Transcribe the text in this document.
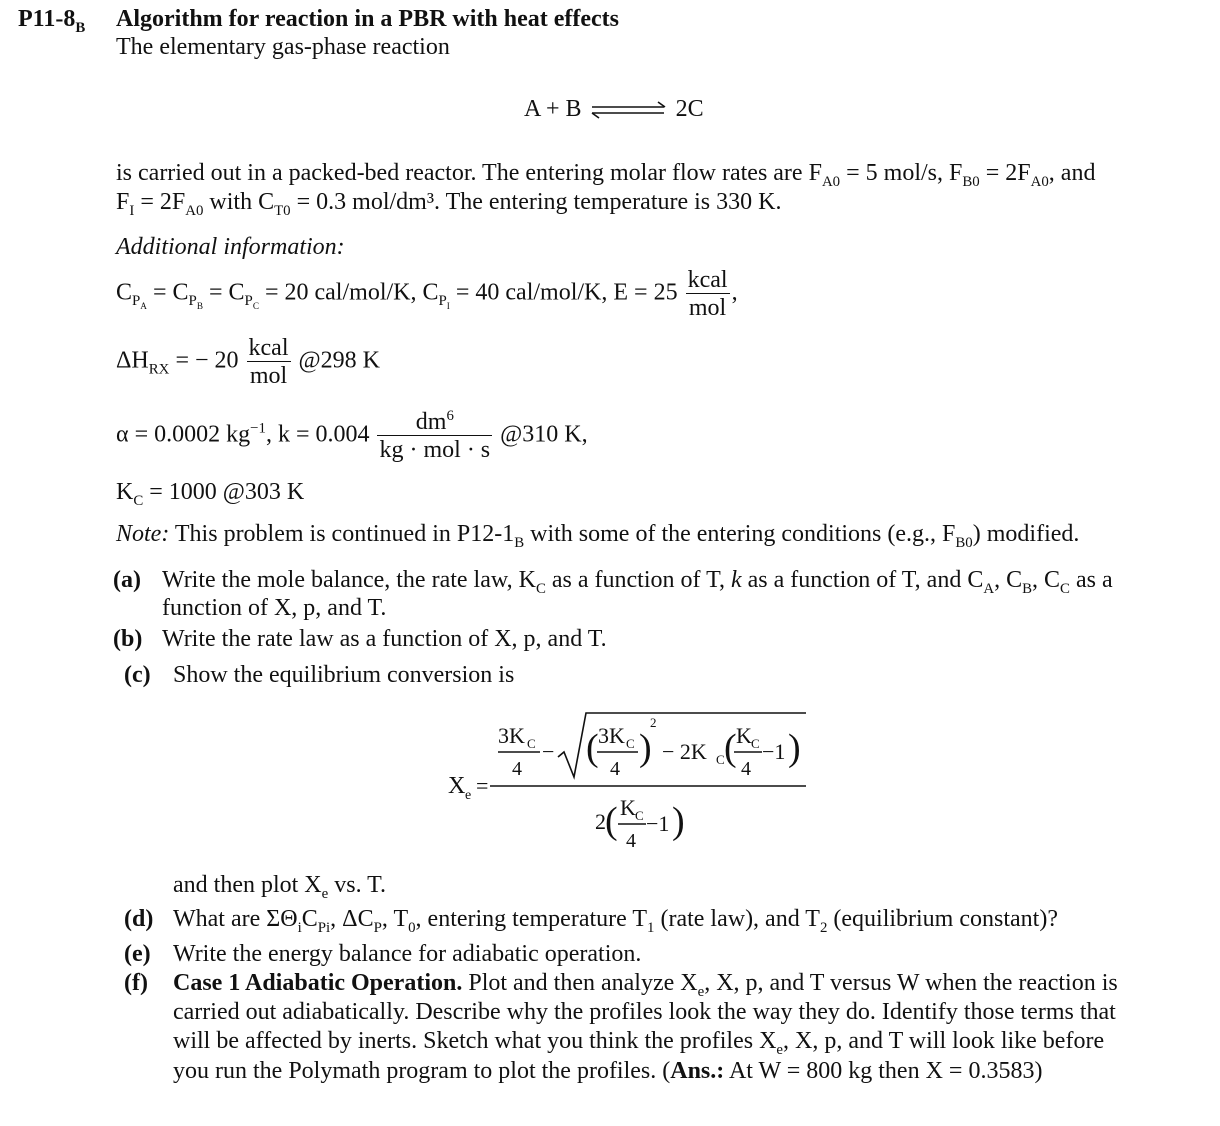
$P11-8_B$ Algorithm for reaction in a PBR with heat effects
The elementary gas-phase reaction
A + B ⇌ 2C
is carried out in a packed-bed reactor. The entering molar flow rates are $F_{A0} = 5$ mol/s, $F_{B0} = 2F_{A0}$, and
$F_I = 2F_{A0}$ with $C_{T0} = 0.3$ mol/dm³. The entering temperature is 330 K.
Additional information:
$C_{P_A} = C_{P_B} = C_{P_C} = 20$ cal/mol/K, $C_{P_I} = 40$ cal/mol/K, $E = 25 \frac{\text{kcal}}{\text{mol}}$ ,
$\Delta H_{RX}$ = − $20 \frac{\text{kcal}}{\text{mol}}$ @298 K
α = 0.0002 $kg^{-1}$, $k = 0.004 \frac{dm^6}{\text{kg · mol · s}}$ @310 K,
$K_C = 1000$ @303 K
Note: This problem is continued in $P12-1_B$ with some of the entering conditions (e.g., $F_{B0}$) modified.
(a) Write the mole balance, the rate law, $K_C$ as a function of T, k as a function of T, and $C_A$, $C_B$, $C_C$ as a
function of X, p, and T.
(b) Write the rate law as a function of X, p, and T.
(c) Show the equilibrium conversion is
X e =
3K C
4
− ( 3K C
4 )
2
− 2K C ( K C
4
−1 )
2 ( K C
4
−1 )
and then plot $X_e$ vs. T.
(d) What are $\Sigma\Theta_iC_{Pi}$, $\Delta C_P$, $T_0$, entering temperature $T_1$ (rate law), and $T_2$ (equilibrium constant)?
(e) Write the energy balance for adiabatic operation.
(f) Case 1 Adiabatic Operation. Plot and then analyze $X_e$, X, p, and T versus W when the reaction is
carried out adiabatically. Describe why the profiles look the way they do. Identify those terms that
will be affected by inerts. Sketch what you think the profiles $X_e$, X, p, and T will look like before
you run the Polymath program to plot the profiles. (Ans.: At W = 800 kg then X = 0.3583)
